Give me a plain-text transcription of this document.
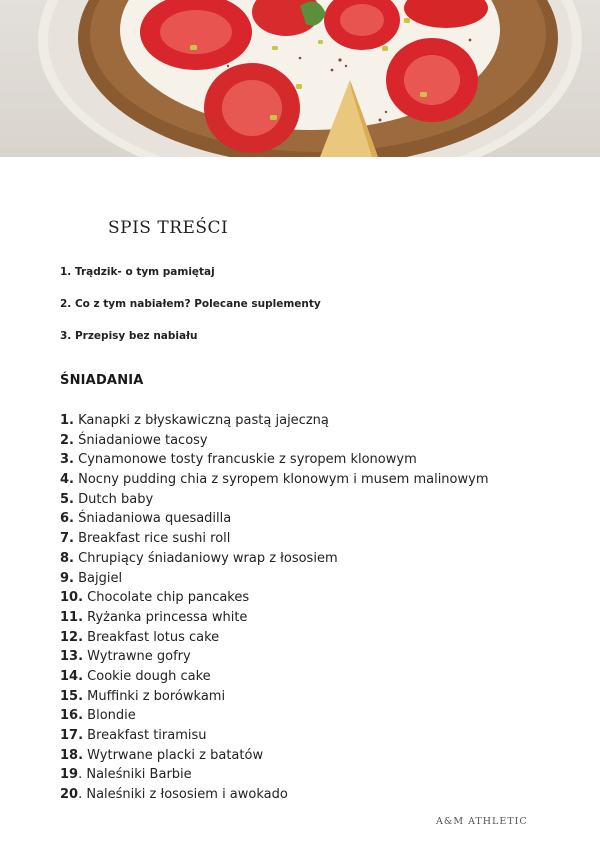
SPIS TREŚCI
1. Trądzik- o tym pamiętaj
2. Co z tym nabiałem? Polecane suplementy
3. Przepisy bez nabiału
ŚNIADANIA
1. Kanapki z błyskawiczną pastą jajeczną
2. Śniadaniowe tacosy
3. Cynamonowe tosty francuskie z syropem klonowym
4. Nocny pudding chia z syropem klonowym i musem malinowym
5. Dutch baby
6. Śniadaniowa quesadilla
7. Breakfast rice sushi roll
8. Chrupiący śniadaniowy wrap z łososiem
9. Bajgiel
10. Chocolate chip pancakes
11. Ryżanka princessa white
12. Breakfast lotus cake
13. Wytrawne gofry
14. Cookie dough cake
15. Muffinki z borówkami
16. Blondie
17. Breakfast tiramisu
18. Wytrwane placki z batatów
19. Naleśniki Barbie
20. Naleśniki z łososiem i awokado
A&M ATHLETIC
